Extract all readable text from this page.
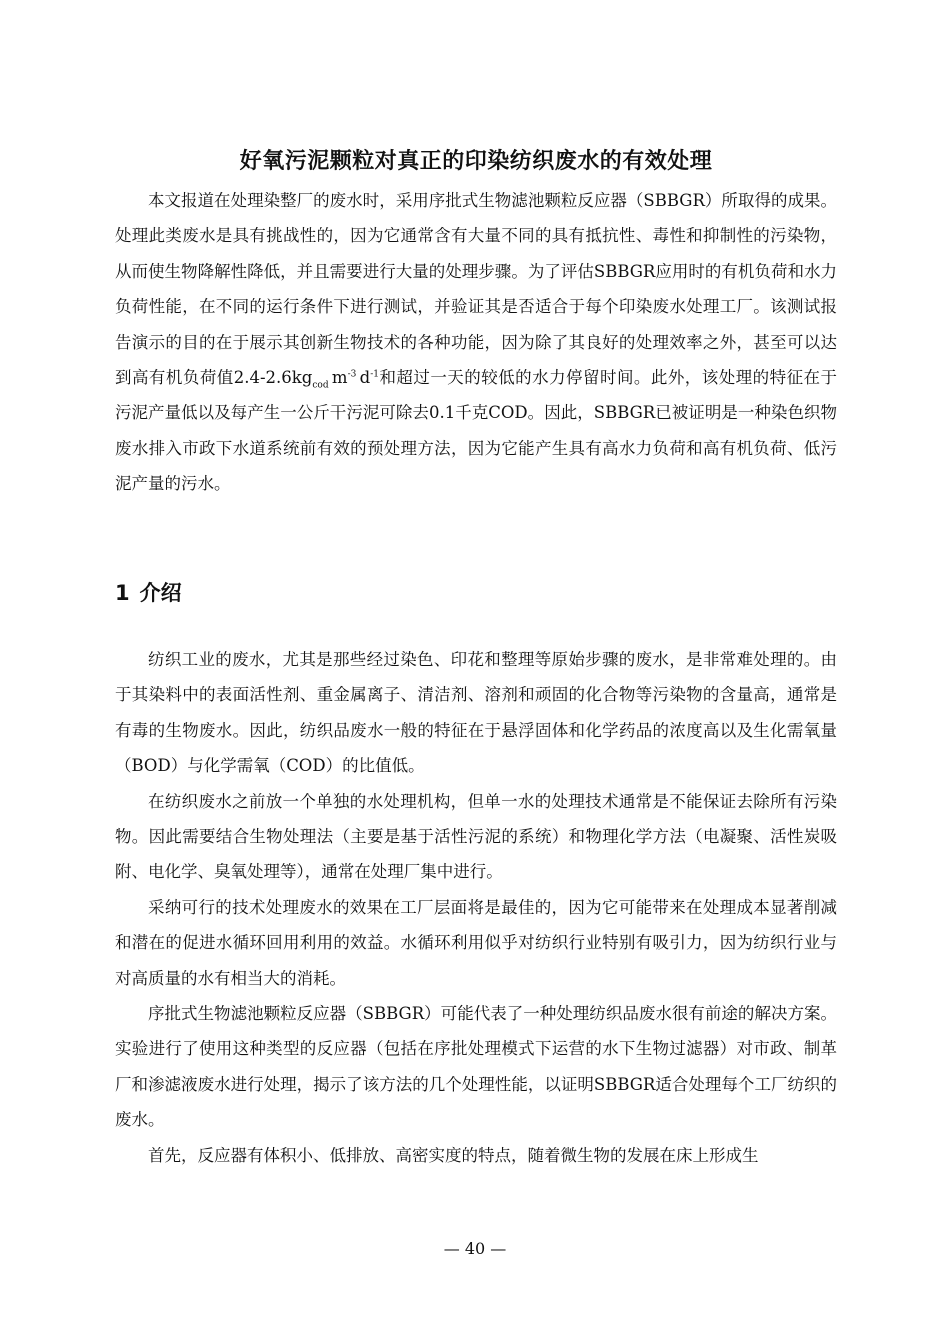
好氧污泥颗粒对真正的印染纺织废水的有效处理

本文报道在处理染整厂的废水时，采用序批式生物滤池颗粒反应器（SBBGR）所取得的成果。处理此类废水是具有挑战性的，因为它通常含有大量不同的具有抵抗性、毒性和抑制性的污染物，从而使生物降解性降低，并且需要进行大量的处理步骤。为了评估SBBGR应用时的有机负荷和水力负荷性能，在不同的运行条件下进行测试，并验证其是否适合于每个印染废水处理工厂。该测试报告演示的目的在于展示其创新生物技术的各种功能，因为除了其良好的处理效率之外，甚至可以达到高有机负荷值$2.4-2.6kg_{cod}$  $m^{-3}$  $d^{-1}$和超过一天的较低的水力停留时间。此外，该处理的特征在于污泥产量低以及每产生一公斤干污泥可除去0.1千克COD。因此，SBBGR已被证明是一种染色织物废水排入市政下水道系统前有效的预处理方法，因为它能产生具有高水力负荷和高有机负荷、低污泥产量的污水。

1 介绍

纺织工业的废水，尤其是那些经过染色、印花和整理等原始步骤的废水，是非常难处理的。由于其染料中的表面活性剂、重金属离子、清洁剂、溶剂和顽固的化合物等污染物的含量高，通常是有毒的生物废水。因此，纺织品废水一般的特征在于悬浮固体和化学药品的浓度高以及生化需氧量（BOD）与化学需氧（COD）的比值低。

在纺织废水之前放一个单独的水处理机构，但单一水的处理技术通常是不能保证去除所有污染物。因此需要结合生物处理法（主要是基于活性污泥的系统）和物理化学方法（电凝聚、活性炭吸附、电化学、臭氧处理等），通常在处理厂集中进行。

采纳可行的技术处理废水的效果在工厂层面将是最佳的，因为它可能带来在处理成本显著削减和潜在的促进水循环回用利用的效益。水循环利用似乎对纺织行业特别有吸引力，因为纺织行业与对高质量的水有相当大的消耗。

序批式生物滤池颗粒反应器（SBBGR）可能代表了一种处理纺织品废水很有前途的解决方案。实验进行了使用这种类型的反应器（包括在序批处理模式下运营的水下生物过滤器）对市政、制革厂和渗滤液废水进行处理，揭示了该方法的几个处理性能，以证明SBBGR适合处理每个工厂纺织的废水。

首先，反应器有体积小、低排放、高密实度的特点，随着微生物的发展在床上形成生

— 40 —
